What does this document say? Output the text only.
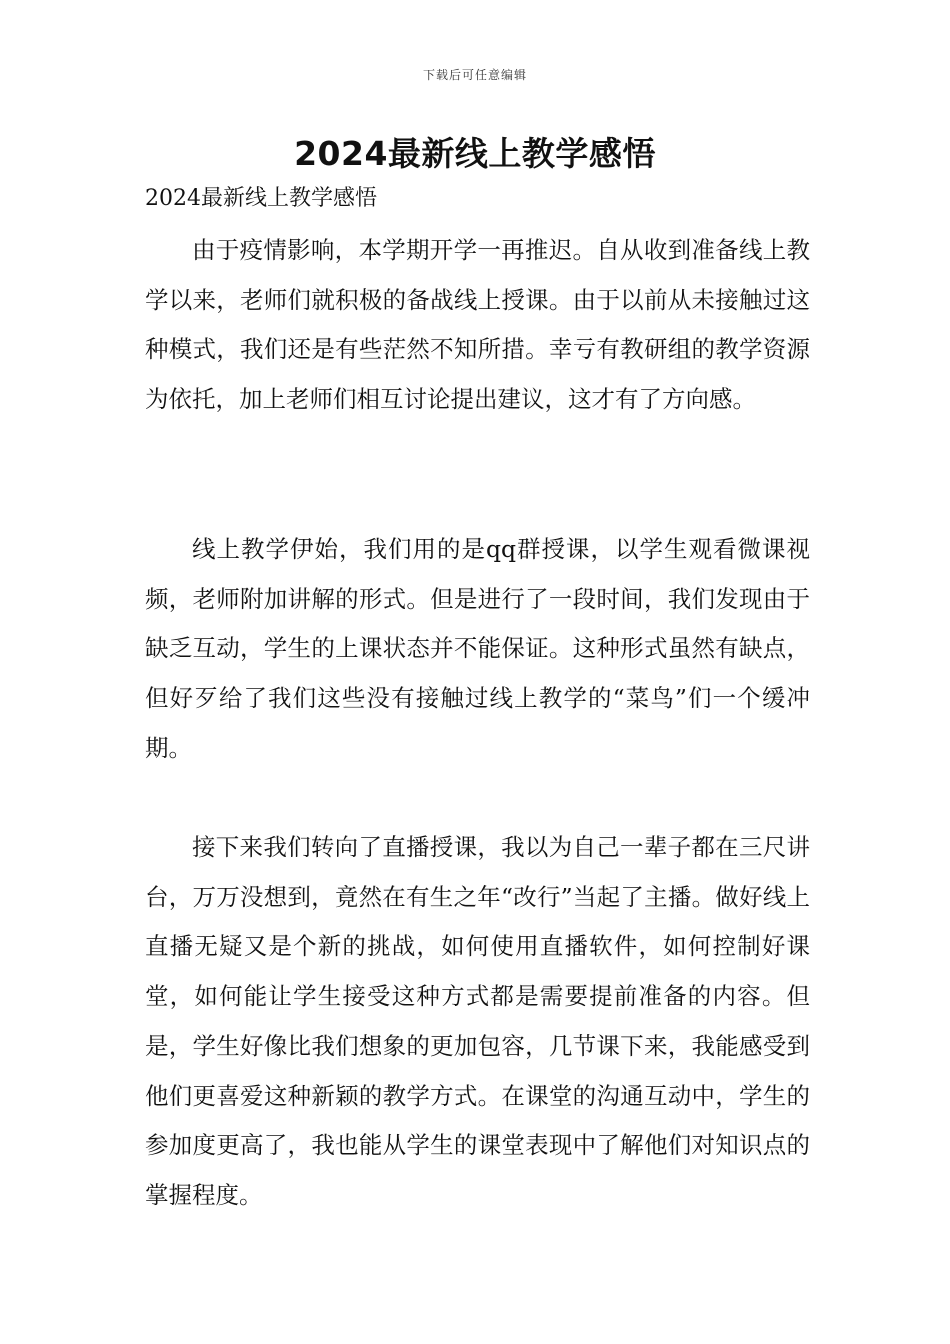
下载后可任意编辑
2024最新线上教学感悟
2024最新线上教学感悟

由于疫情影响，本学期开学一再推迟。自从收到准备线上教学以来，老师们就积极的备战线上授课。由于以前从未接触过这种模式，我们还是有些茫然不知所措。幸亏有教研组的教学资源为依托，加上老师们相互讨论提出建议，这才有了方向感。

线上教学伊始，我们用的是qq群授课，以学生观看微课视频，老师附加讲解的形式。但是进行了一段时间，我们发现由于缺乏互动，学生的上课状态并不能保证。这种形式虽然有缺点，但好歹给了我们这些没有接触过线上教学的“菜鸟”们一个缓冲期。

接下来我们转向了直播授课，我以为自己一辈子都在三尺讲台，万万没想到，竟然在有生之年“改行”当起了主播。做好线上直播无疑又是个新的挑战，如何使用直播软件，如何控制好课堂，如何能让学生接受这种方式都是需要提前准备的内容。但是，学生好像比我们想象的更加包容，几节课下来，我能感受到他们更喜爱这种新颖的教学方式。在课堂的沟通互动中，学生的参加度更高了，我也能从学生的课堂表现中了解他们对知识点的掌握程度。
